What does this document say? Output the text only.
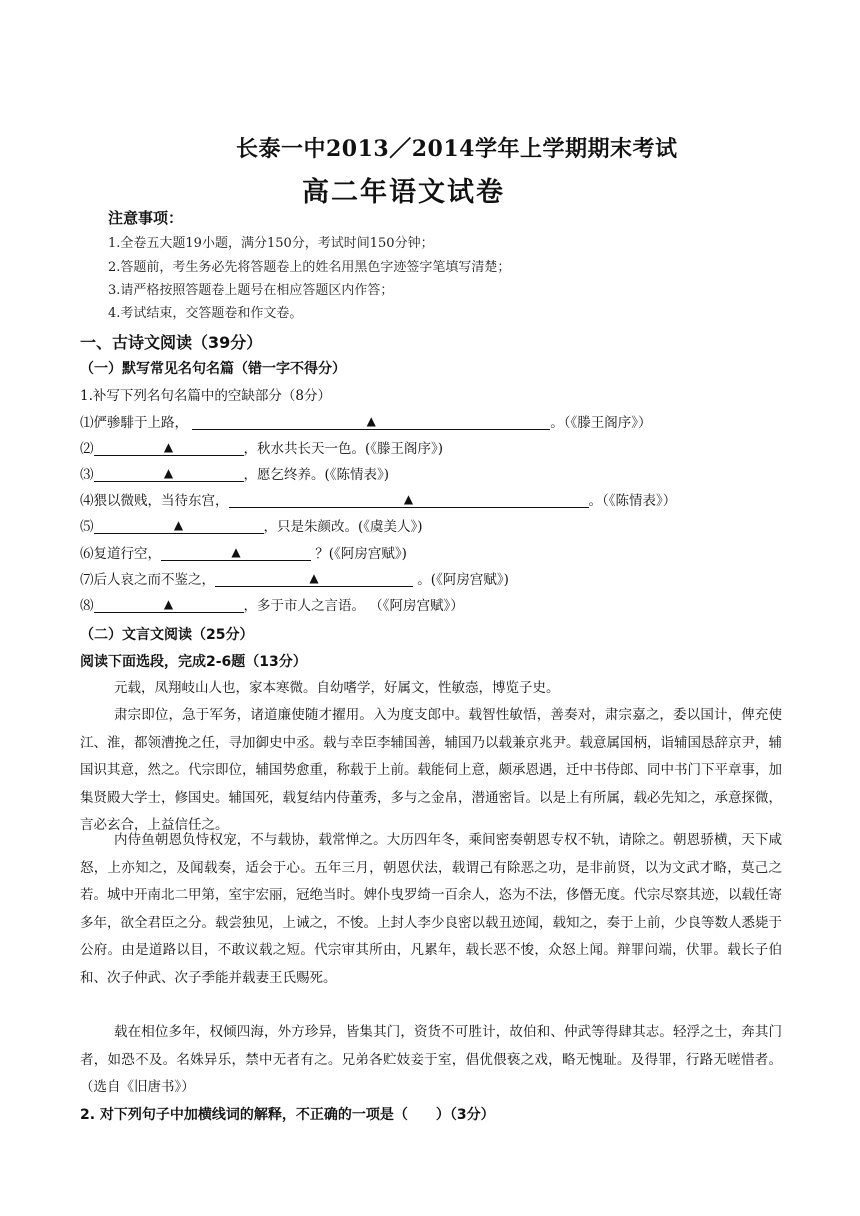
长泰一中2013／2014学年上学期期末考试
高二年语文试卷
注意事项：
1.全卷五大题19小题，满分150分，考试时间150分钟；
2.答题前，考生务必先将答题卷上的姓名用黑色字迹签字笔填写清楚；
3.请严格按照答题卷上题号在相应答题区内作答；
4.考试结束，交答题卷和作文卷。
一、古诗文阅读（39分）
（一）默写常见名句名篇（错一字不得分）
1.补写下列名句名篇中的空缺部分（8分）
⑴俨骖騑于上路，	▲	。（《滕王阁序》）
⑵	▲	，秋水共长天一色。(《滕王阁序》)
⑶	▲	，愿乞终养。(《陈情表》)
⑷猥以微贱，当待东宫，	▲	。（《陈情表》）
⑸	▲	，只是朱颜改。(《虞美人》)
⑹复道行空，	▲	？(《阿房宫赋》)
⑺后人哀之而不鉴之，	▲	。(《阿房宫赋》)
⑻	▲	，多于市人之言语。 （《阿房宫赋》）
（二）文言文阅读（25分）
阅读下面选段，完成2-6题（13分）
元载，凤翔岐山人也，家本寒微。自幼嗜学，好属文，性敏悫，博览子史。
肃宗即位，急于军务，诸道廉使随才擢用。入为度支郎中。载智性敏悟，善奏对，肃宗嘉之，委以国计，俾充使江、淮，都领漕挽之任，寻加御史中丞。载与幸臣李辅国善，辅国乃以载兼京兆尹。载意属国柄，诣辅国恳辞京尹，辅国识其意，然之。代宗即位，辅国势愈重，称载于上前。载能伺上意，颇承恩遇，迁中书侍郎、同中书门下平章事，加集贤殿大学士，修国史。辅国死，载复结内侍董秀，多与之金帛，潜通密旨。以是上有所属，载必先知之，承意探微，言必玄合，上益信任之。
内侍鱼朝恩负恃权宠，不与载协，载常惮之。大历四年冬，乘间密奏朝恩专权不轨，请除之。朝恩骄横，天下咸怒，上亦知之，及闻载奏，适会于心。五年三月，朝恩伏法，载谓己有除恶之功，是非前贤，以为文武才略，莫己之若。城中开南北二甲第，室宇宏丽，冠绝当时。婢仆曳罗绮一百余人，恣为不法，侈僭无度。代宗尽察其迹，以载任寄多年，欲全君臣之分。载尝独见，上诫之，不悛。上封人李少良密以载丑迹闻，载知之，奏于上前，少良等数人悉毙于公府。由是道路以目，不敢议载之短。代宗审其所由，凡累年，载长恶不悛，众怒上闻。辩罪问端，伏罪。载长子伯和、次子仲武、次子季能并载妻王氏赐死。
载在相位多年，权倾四海，外方珍异，皆集其门，资货不可胜计，故伯和、仲武等得肆其志。轻浮之士，奔其门者，如恐不及。名姝异乐，禁中无者有之。兄弟各贮妓妾于室，倡优偎亵之戏，略无愧耻。及得罪，行路无嗟惜者。 （选自《旧唐书》）
2. 对下列句子中加横线词的解释，不正确的一项是（　　）（3分）
